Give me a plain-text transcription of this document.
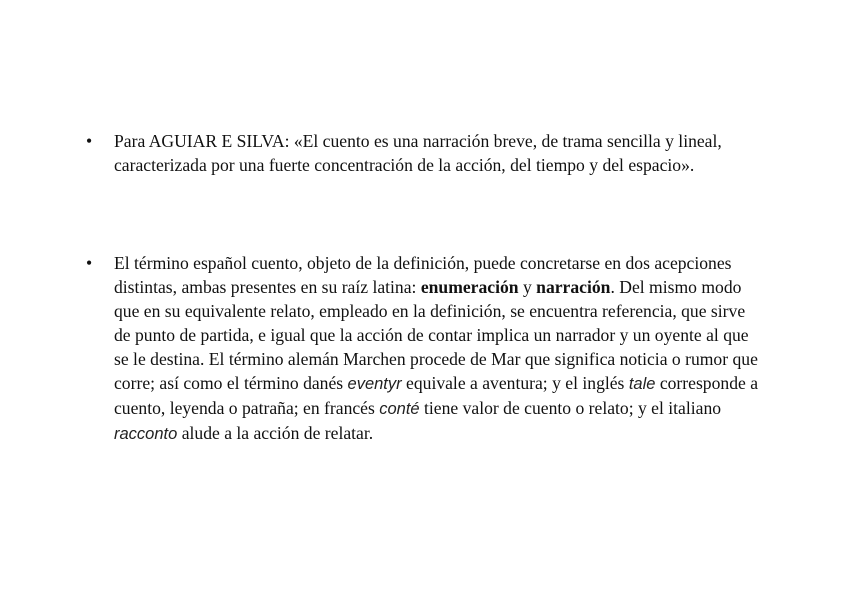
•	Para AGUIAR E SILVA: «El cuento es una narración breve, de trama sencilla y lineal, caracterizada por una fuerte concentración de la acción, del tiempo y del espacio».
•	El término español cuento, objeto de la definición, puede concretarse en dos acepciones distintas, ambas presentes en su raíz latina: enumeración y narración. Del mismo modo que en su equivalente relato, empleado en la definición, se encuentra referencia, que sirve de punto de partida, e igual que la acción de contar implica un narrador y un oyente al que se le destina. El término alemán Marchen procede de Mar que significa noticia o rumor que corre; así como el término danés eventyr equivale a aventura; y el inglés tale corresponde a cuento, leyenda o patraña; en francés conté tiene valor de cuento o relato; y el italiano racconto alude a la acción de relatar.
